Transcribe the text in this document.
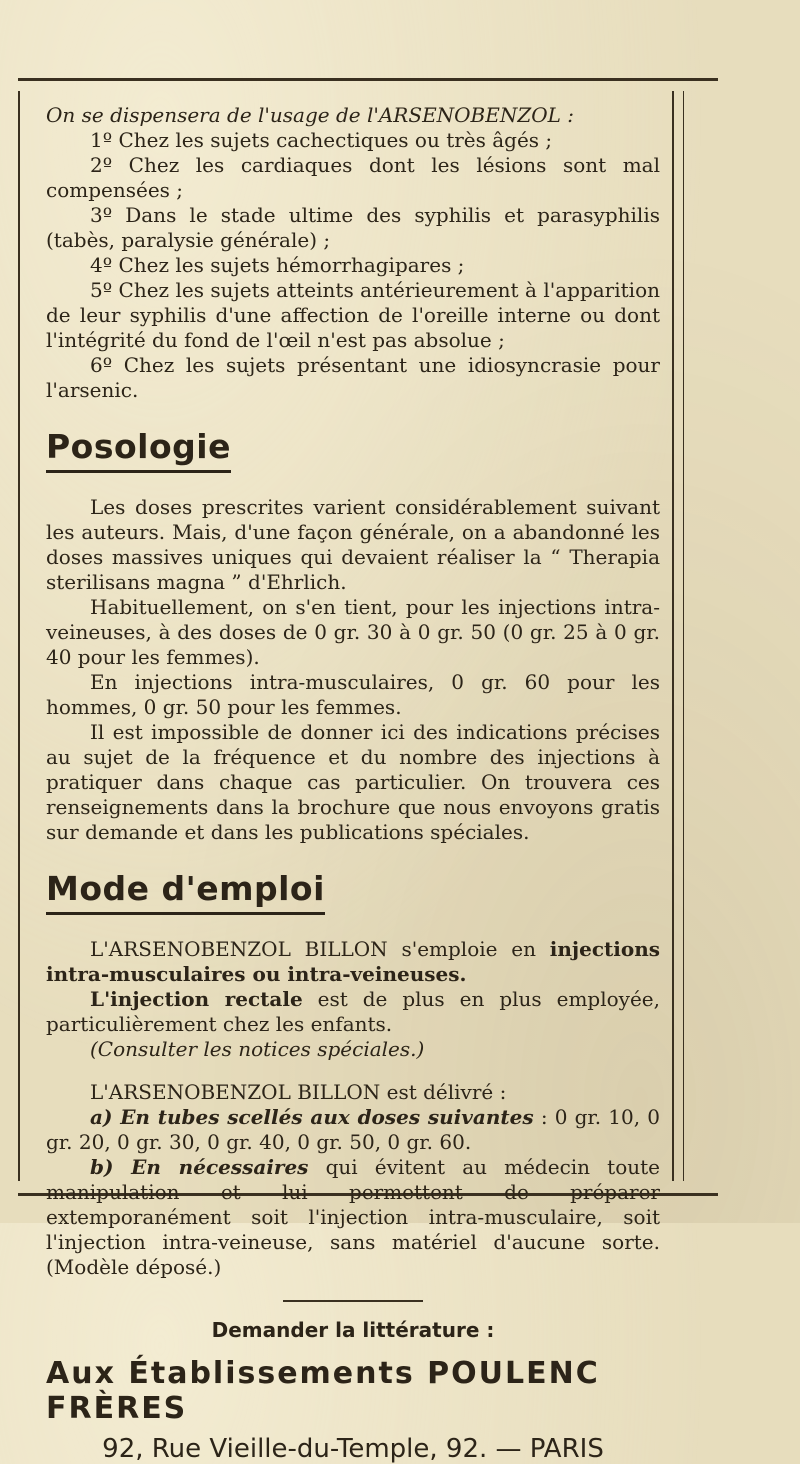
On se dispensera de l'usage de l'ARSENOBENZOL :

1º Chez les sujets cachectiques ou très âgés ;

2º Chez les cardiaques dont les lésions sont mal compensées ;

3º Dans le stade ultime des syphilis et parasyphilis (tabès, paralysie générale) ;

4º Chez les sujets hémorrhagipares ;

5º Chez les sujets atteints antérieurement à l'apparition de leur syphilis d'une affection de l'oreille interne ou dont l'intégrité du fond de l'œil n'est pas absolue ;

6º Chez les sujets présentant une idiosyncrasie pour l'arsenic.

Posologie

Les doses prescrites varient considérablement suivant les auteurs. Mais, d'une façon générale, on a abandonné les doses massives uniques qui devaient réaliser la “ Therapia sterilisans magna ” d'Ehrlich.

Habituellement, on s'en tient, pour les injections intra-veineuses, à des doses de 0 gr. 30 à 0 gr. 50 (0 gr. 25 à 0 gr. 40 pour les femmes).

En injections intra-musculaires, 0 gr. 60 pour les hommes, 0 gr. 50 pour les femmes.

Il est impossible de donner ici des indications précises au sujet de la fréquence et du nombre des injections à pratiquer dans chaque cas particulier. On trouvera ces renseignements dans la brochure que nous envoyons gratis sur demande et dans les publications spéciales.

Mode d'emploi

L'ARSENOBENZOL BILLON s'emploie en injections intra-musculaires ou intra-veineuses.

L'injection rectale est de plus en plus employée, particulièrement chez les enfants.

(Consulter les notices spéciales.)

L'ARSENOBENZOL BILLON est délivré :

a) En tubes scellés aux doses suivantes : 0 gr. 10, 0 gr. 20, 0 gr. 30, 0 gr. 40, 0 gr. 50, 0 gr. 60.

b) En nécessaires qui évitent au médecin toute manipulation et lui permettent de préparer extemporanément soit l'injection intra-musculaire, soit l'injection intra-veineuse, sans matériel d'aucune sorte. (Modèle déposé.)

Demander la littérature :
Aux Établissements POULENC FRÈRES
92, Rue Vieille-du-Temple, 92. — PARIS
